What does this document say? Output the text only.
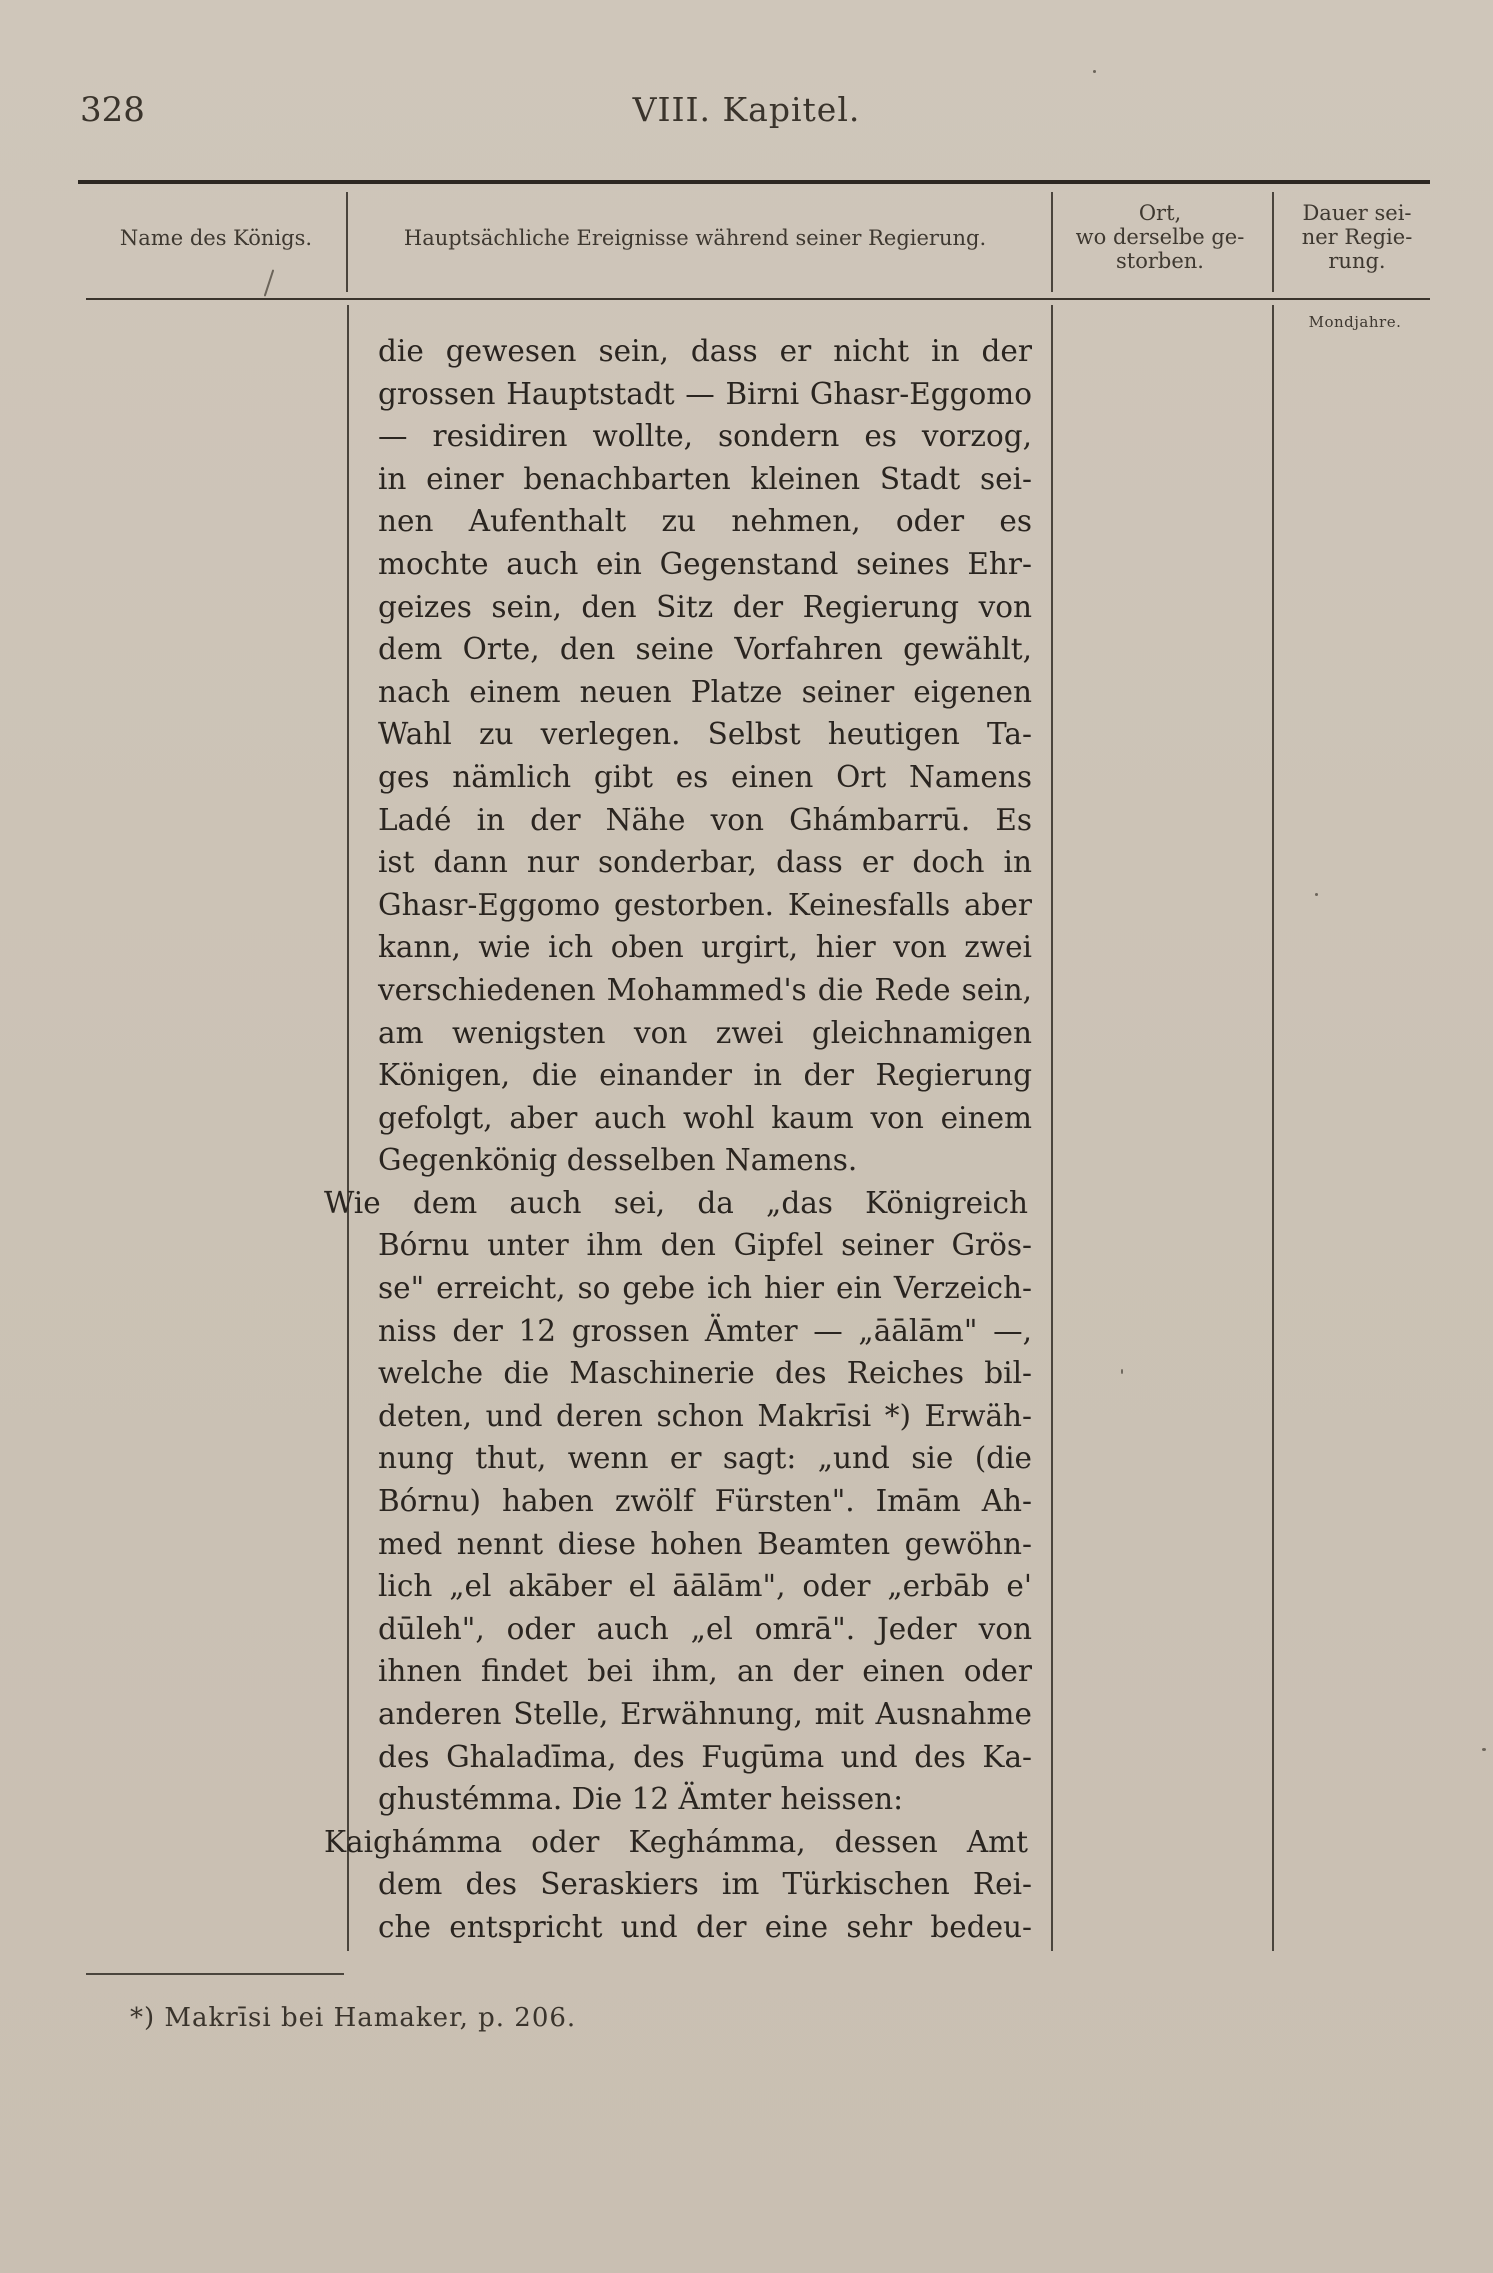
328	VIII. Kapitel.
Name des Königs.	Hauptsächliche Ereignisse während seiner Regierung.
Ort,
wo derselbe ge-
storben.
Dauer sei-
ner Regie-
rung.
Mondjahre.
die gewesen sein, dass er nicht in der
grossen Hauptstadt — Birni Ghasr-Eggomo
— residiren wollte, sondern es vorzog,
in einer benachbarten kleinen Stadt sei-
nen Aufenthalt zu nehmen, oder es
mochte auch ein Gegenstand seines Ehr-
geizes sein, den Sitz der Regierung von
dem Orte, den seine Vorfahren gewählt,
nach einem neuen Platze seiner eigenen
Wahl zu verlegen. Selbst heutigen Ta-
ges nämlich gibt es einen Ort Namens
Ladé in der Nähe von Ghámbarrū. Es
ist dann nur sonderbar, dass er doch in
Ghasr-Eggomo gestorben. Keinesfalls aber
kann, wie ich oben urgirt, hier von zwei
verschiedenen Mohammed's die Rede sein,
am wenigsten von zwei gleichnamigen
Königen, die einander in der Regierung
gefolgt, aber auch wohl kaum von einem
Gegenkönig desselben Namens.
Wie dem auch sei, da „das Königreich
Bórnu unter ihm den Gipfel seiner Grös-
se" erreicht, so gebe ich hier ein Verzeich-
niss der 12 grossen Ämter — „āālām" —,
welche die Maschinerie des Reiches bil-
deten, und deren schon Makrīsi *) Erwäh-
nung thut, wenn er sagt: „und sie (die
Bórnu) haben zwölf Fürsten". Imām Ah-
med nennt diese hohen Beamten gewöhn-
lich „el akāber el āālām", oder „erbāb e'
dūleh", oder auch „el omrā". Jeder von
ihnen findet bei ihm, an der einen oder
anderen Stelle, Erwähnung, mit Ausnahme
des Ghaladīma, des Fugūma und des Ka-
ghustémma. Die 12 Ämter heissen:
Kaighámma oder Keghámma, dessen Amt
dem des Seraskiers im Türkischen Rei-
che entspricht und der eine sehr bedeu-
*) Makrīsi bei Hamaker, p. 206.
